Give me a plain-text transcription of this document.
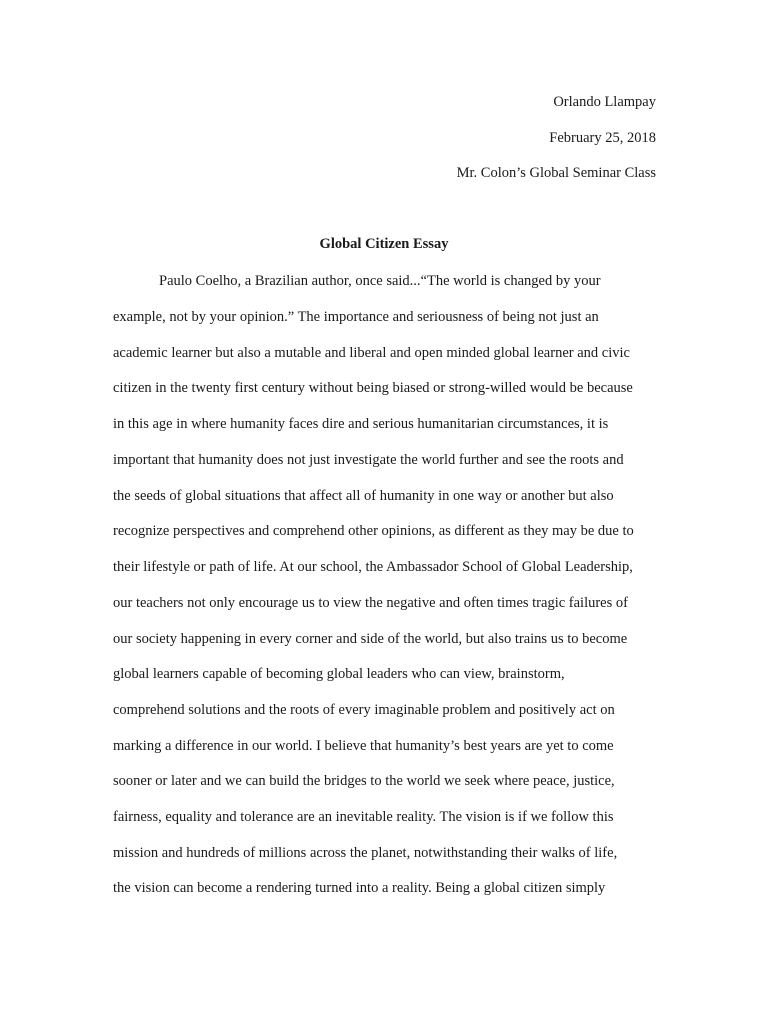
Orlando Llampay
February 25, 2018
Mr. Colon’s Global Seminar Class
Global Citizen Essay
Paulo Coelho, a Brazilian author, once said...“The world is changed by your
example, not by your opinion.” The importance and seriousness of being not just an
academic learner but also a mutable and liberal and open minded global learner and civic
citizen in the twenty first century without being biased or strong-willed would be because
in this age in where humanity faces dire and serious humanitarian circumstances, it is
important that humanity does not just investigate the world further and see the roots and
the seeds of global situations that affect all of humanity in one way or another but also
recognize perspectives and comprehend other opinions, as different as they may be due to
their lifestyle or path of life. At our school, the Ambassador School of Global Leadership,
our teachers not only encourage us to view the negative and often times tragic failures of
our society happening in every corner and side of the world, but also trains us to become
global learners capable of becoming global leaders who can view, brainstorm,
comprehend solutions and the roots of every imaginable problem and positively act on
marking a difference in our world. I believe that humanity’s best years are yet to come
sooner or later and we can build the bridges to the world we seek where peace, justice,
fairness, equality and tolerance are an inevitable reality. The vision is if we follow this
mission and hundreds of millions across the planet, notwithstanding their walks of life,
the vision can become a rendering turned into a reality. Being a global citizen simply
